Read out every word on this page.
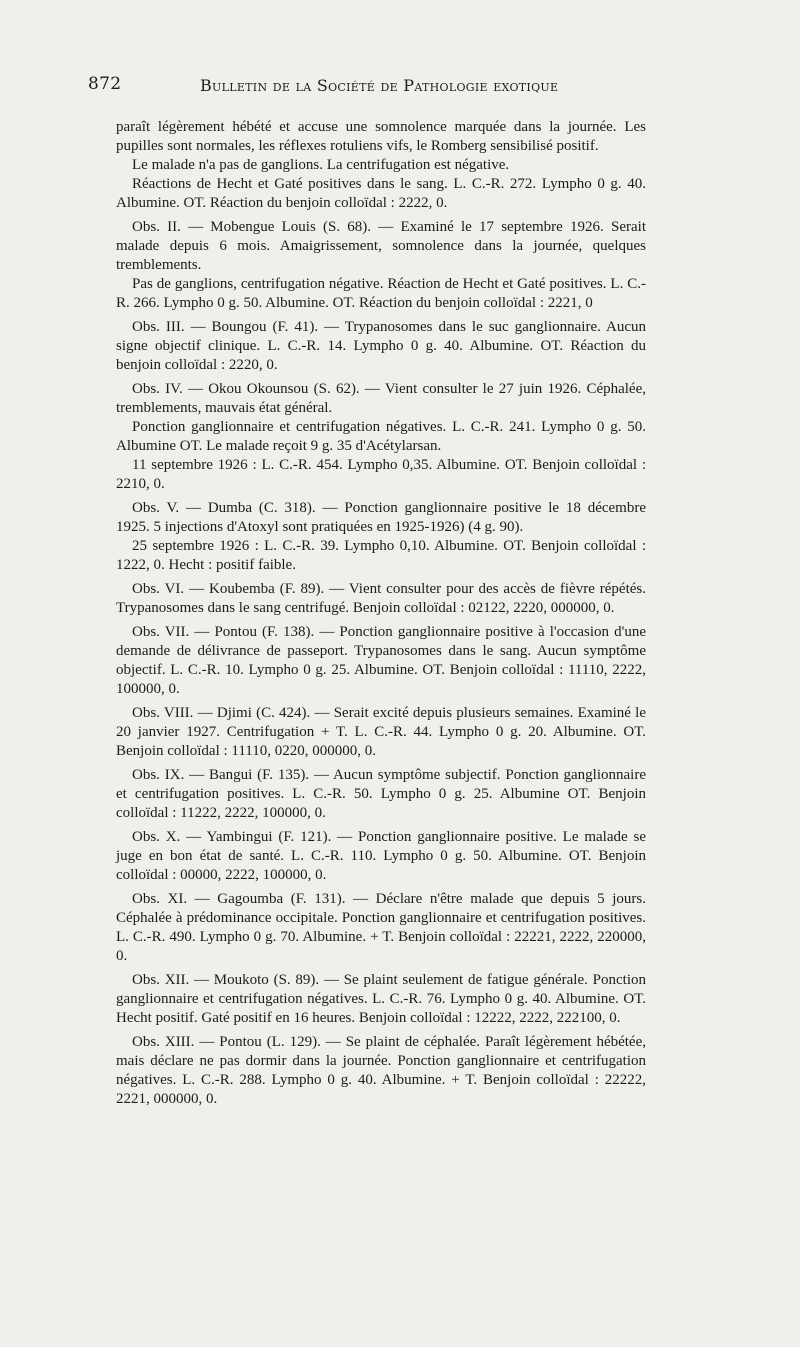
872	Bulletin de la Société de Pathologie exotique

paraît légèrement hébété et accuse une somnolence marquée dans la journée. Les pupilles sont normales, les réflexes rotuliens vifs, le Romberg sensibilisé positif.

Le malade n'a pas de ganglions. La centrifugation est négative.

Réactions de Hecht et Gaté positives dans le sang. L. C.-R. 272. Lympho 0 g. 40. Albumine. OT. Réaction du benjoin colloïdal : 2222, 0.

Obs. II. — Mobengue Louis (S. 68). — Examiné le 17 septembre 1926. Serait malade depuis 6 mois. Amaigrissement, somnolence dans la journée, quelques tremblements.

Pas de ganglions, centrifugation négative. Réaction de Hecht et Gaté positives. L. C.-R. 266. Lympho 0 g. 50. Albumine. OT. Réaction du benjoin colloïdal : 2221, 0

Obs. III. — Boungou (F. 41). — Trypanosomes dans le suc ganglionnaire. Aucun signe objectif clinique. L. C.-R. 14. Lympho 0 g. 40. Albumine. OT. Réaction du benjoin colloïdal : 2220, 0.

Obs. IV. — Okou Okounsou (S. 62). — Vient consulter le 27 juin 1926. Céphalée, tremblements, mauvais état général.

Ponction ganglionnaire et centrifugation négatives. L. C.-R. 241. Lympho 0 g. 50. Albumine OT. Le malade reçoit 9 g. 35 d'Acétylarsan.

11 septembre 1926 : L. C.-R. 454. Lympho 0,35. Albumine. OT. Benjoin colloïdal : 2210, 0.

Obs. V. — Dumba (C. 318). — Ponction ganglionnaire positive le 18 décembre 1925. 5 injections d'Atoxyl sont pratiquées en 1925-1926) (4 g. 90).

25 septembre 1926 : L. C.-R. 39. Lympho 0,10. Albumine. OT. Benjoin colloïdal : 1222, 0. Hecht : positif faible.

Obs. VI. — Koubemba (F. 89). — Vient consulter pour des accès de fièvre répétés. Trypanosomes dans le sang centrifugé. Benjoin colloïdal : 02122, 2220, 000000, 0.

Obs. VII. — Pontou (F. 138). — Ponction ganglionnaire positive à l'occasion d'une demande de délivrance de passeport. Trypanosomes dans le sang. Aucun symptôme objectif. L. C.-R. 10. Lympho 0 g. 25. Albumine. OT. Benjoin colloïdal : 11110, 2222, 100000, 0.

Obs. VIII. — Djimi (C. 424). — Serait excité depuis plusieurs semaines. Examiné le 20 janvier 1927. Centrifugation + T. L. C.-R. 44. Lympho 0 g. 20. Albumine. OT. Benjoin colloïdal : 11110, 0220, 000000, 0.

Obs. IX. — Bangui (F. 135). — Aucun symptôme subjectif. Ponction ganglionnaire et centrifugation positives. L. C.-R. 50. Lympho 0 g. 25. Albumine OT. Benjoin colloïdal : 11222, 2222, 100000, 0.

Obs. X. — Yambingui (F. 121). — Ponction ganglionnaire positive. Le malade se juge en bon état de santé. L. C.-R. 110. Lympho 0 g. 50. Albumine. OT. Benjoin colloïdal : 00000, 2222, 100000, 0.

Obs. XI. — Gagoumba (F. 131). — Déclare n'être malade que depuis 5 jours. Céphalée à prédominance occipitale. Ponction ganglionnaire et centrifugation positives. L. C.-R. 490. Lympho 0 g. 70. Albumine. + T. Benjoin colloïdal : 22221, 2222, 220000, 0.

Obs. XII. — Moukoto (S. 89). — Se plaint seulement de fatigue générale. Ponction ganglionnaire et centrifugation négatives. L. C.-R. 76. Lympho 0 g. 40. Albumine. OT. Hecht positif. Gaté positif en 16 heures. Benjoin colloïdal : 12222, 2222, 222100, 0.

Obs. XIII. — Pontou (L. 129). — Se plaint de céphalée. Paraît légèrement hébétée, mais déclare ne pas dormir dans la journée. Ponction ganglionnaire et centrifugation négatives. L. C.-R. 288. Lympho 0 g. 40. Albumine. + T. Benjoin colloïdal : 22222, 2221, 000000, 0.
